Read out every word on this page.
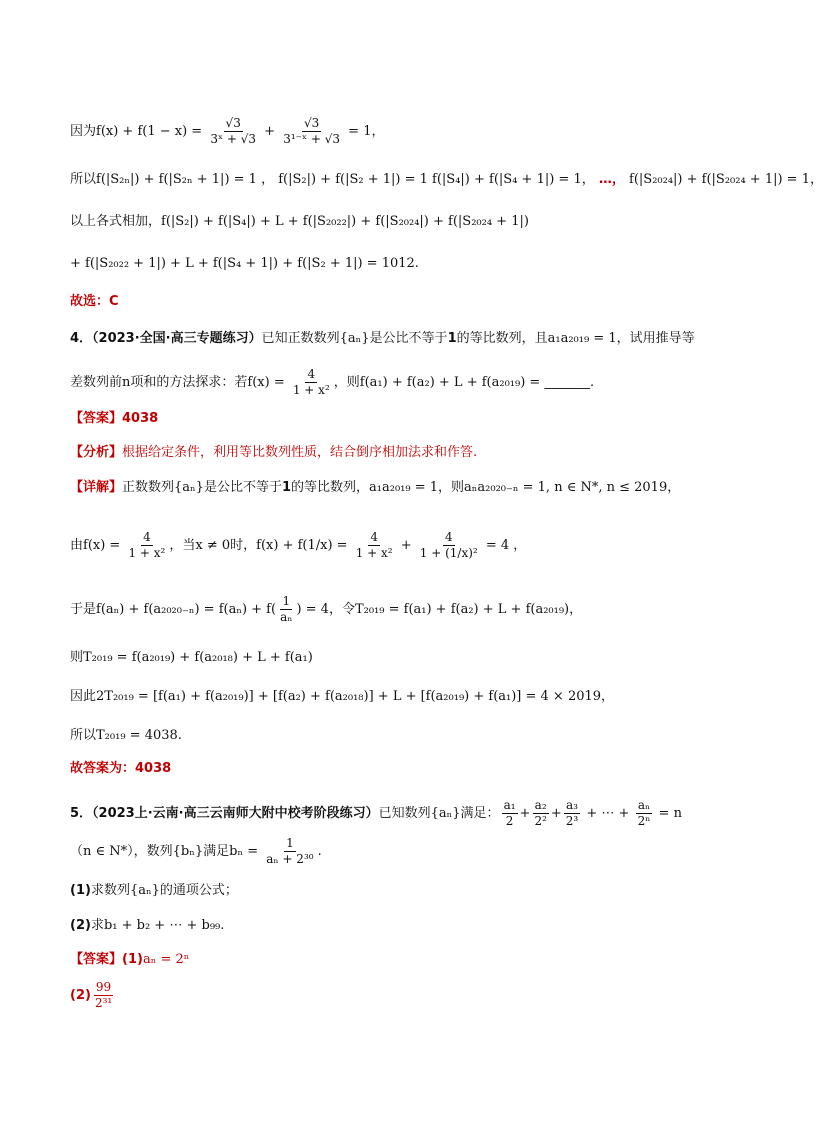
因为$f(x) + f(1 - x) = \frac{√3}{\text{3ˣ + √3}} + \frac{√3}{\text{3¹⁻ˣ + √3}} = 1$，
所以f(|S₂ₙ|) + f(|S₂ₙ + 1|) = 1 ， f(|S₂|) + f(|S₂ + 1|) = 1 f(|S₄|) + f(|S₄ + 1|) = 1， …， f(|S₂₀₂₄|) + f(|S₂₀₂₄ + 1|) = 1，
以上各式相加，f(|S₂|) + f(|S₄|) + L + f(|S₂₀₂₂|) + f(|S₂₀₂₄|) + f(|S₂₀₂₄ + 1|)
+ f(|S₂₀₂₂ + 1|) + L + f(|S₄ + 1|) + f(|S₂ + 1|) = 1012.
故选：C
4．（2023·全国·高三专题练习）已知正数数列{aₙ}是公比不等于1的等比数列，且a₁a₂₀₁₉ = 1，试用推导等
差数列前n项和的方法探求：若$f(x) = \frac{4}{\text{1 + x²}}$ ，则f(a₁) + f(a₂) + L + f(a₂₀₁₉) = _______.
【答案】4038
【分析】根据给定条件，利用等比数列性质，结合倒序相加法求和作答.
【详解】正数数列{aₙ}是公比不等于1的等比数列，a₁a₂₀₁₉ = 1，则aₙa₂₀₂₀₋ₙ = 1, n ∈ N*, n ≤ 2019，
由$f(x) = \frac{4}{\text{1 + x²}}$ ，当x ≠ 0时，$f(x) + f(1/x) = \frac{4}{\text{1 + x²}} + \frac{4}{\text{1 + (1/x)²}} = 4$ ，
于是$f(a_n) + f(a_{2020-n}) = f(a_n) + f( \frac{1}{\text{aₙ}}$ ) = 4，令T₂₀₁₉ = f(a₁) + f(a₂) + L + f(a₂₀₁₉)，
则T₂₀₁₉ = f(a₂₀₁₉) + f(a₂₀₁₈) + L + f(a₁)
因此2T₂₀₁₉ = [f(a₁) + f(a₂₀₁₉)] + [f(a₂) + f(a₂₀₁₈)] + L + [f(a₂₀₁₉) + f(a₁)] = 4 × 2019，
所以T₂₀₁₉ = 4038.
故答案为：4038
5．（2023上·云南·高三云南师大附中校考阶段练习）已知数列{aₙ}满足： $\frac{\text{a₁}}{2} + \frac{\text{a₂}}{\text{2²}} + \frac{\text{a₃}}{\text{2³}}$ + ⋯ + $\frac{\text{aₙ}}{\text{2ⁿ}} = n$
（n ∈ N*），数列{bₙ}满足$b_n = \frac{1}{\text{aₙ + 2³⁰}}$ .
(1)求数列{aₙ}的通项公式；
(2)求b₁ + b₂ + ⋯ + b₉₉.
【答案】(1)aₙ = 2ⁿ
$(2) \frac{99}{\text{2³¹}}$
